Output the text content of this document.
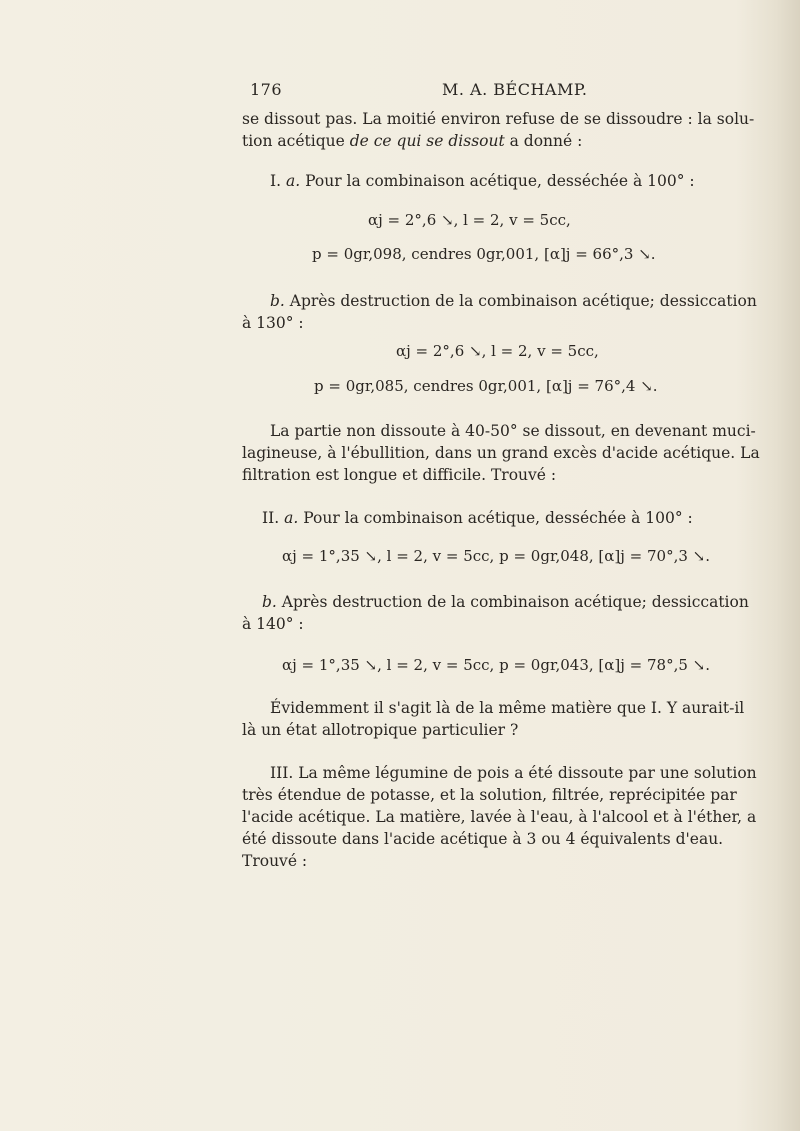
176	M. A. BÉCHAMP.
se dissout pas. La moitié environ refuse de se dissoudre : la solu-
tion acétique de ce qui se dissout a donné :
I. a. Pour la combinaison acétique, desséchée à 100° :
αj = 2°,6 ↘, l = 2, v = 5cc,
p = 0gr,098, cendres 0gr,001, [α]j = 66°,3 ↘.
b. Après destruction de la combinaison acétique; dessiccation
à 130° :
αj = 2°,6 ↘, l = 2, v = 5cc,
p = 0gr,085, cendres 0gr,001, [α]j = 76°,4 ↘.
La partie non dissoute à 40-50° se dissout, en devenant muci-
lagineuse, à l'ébullition, dans un grand excès d'acide acétique. La
filtration est longue et difficile. Trouvé :
II. a. Pour la combinaison acétique, desséchée à 100° :
αj = 1°,35 ↘, l = 2, v = 5cc, p = 0gr,048, [α]j = 70°,3 ↘.
b. Après destruction de la combinaison acétique; dessiccation
à 140° :
αj = 1°,35 ↘, l = 2, v = 5cc, p = 0gr,043, [α]j = 78°,5 ↘.
Évidemment il s'agit là de la même matière que I. Y aurait-il
là un état allotropique particulier ?
III. La même légumine de pois a été dissoute par une solution
très étendue de potasse, et la solution, filtrée, reprécipitée par
l'acide acétique. La matière, lavée à l'eau, à l'alcool et à l'éther, a
été dissoute dans l'acide acétique à 3 ou 4 équivalents d'eau.
Trouvé :
